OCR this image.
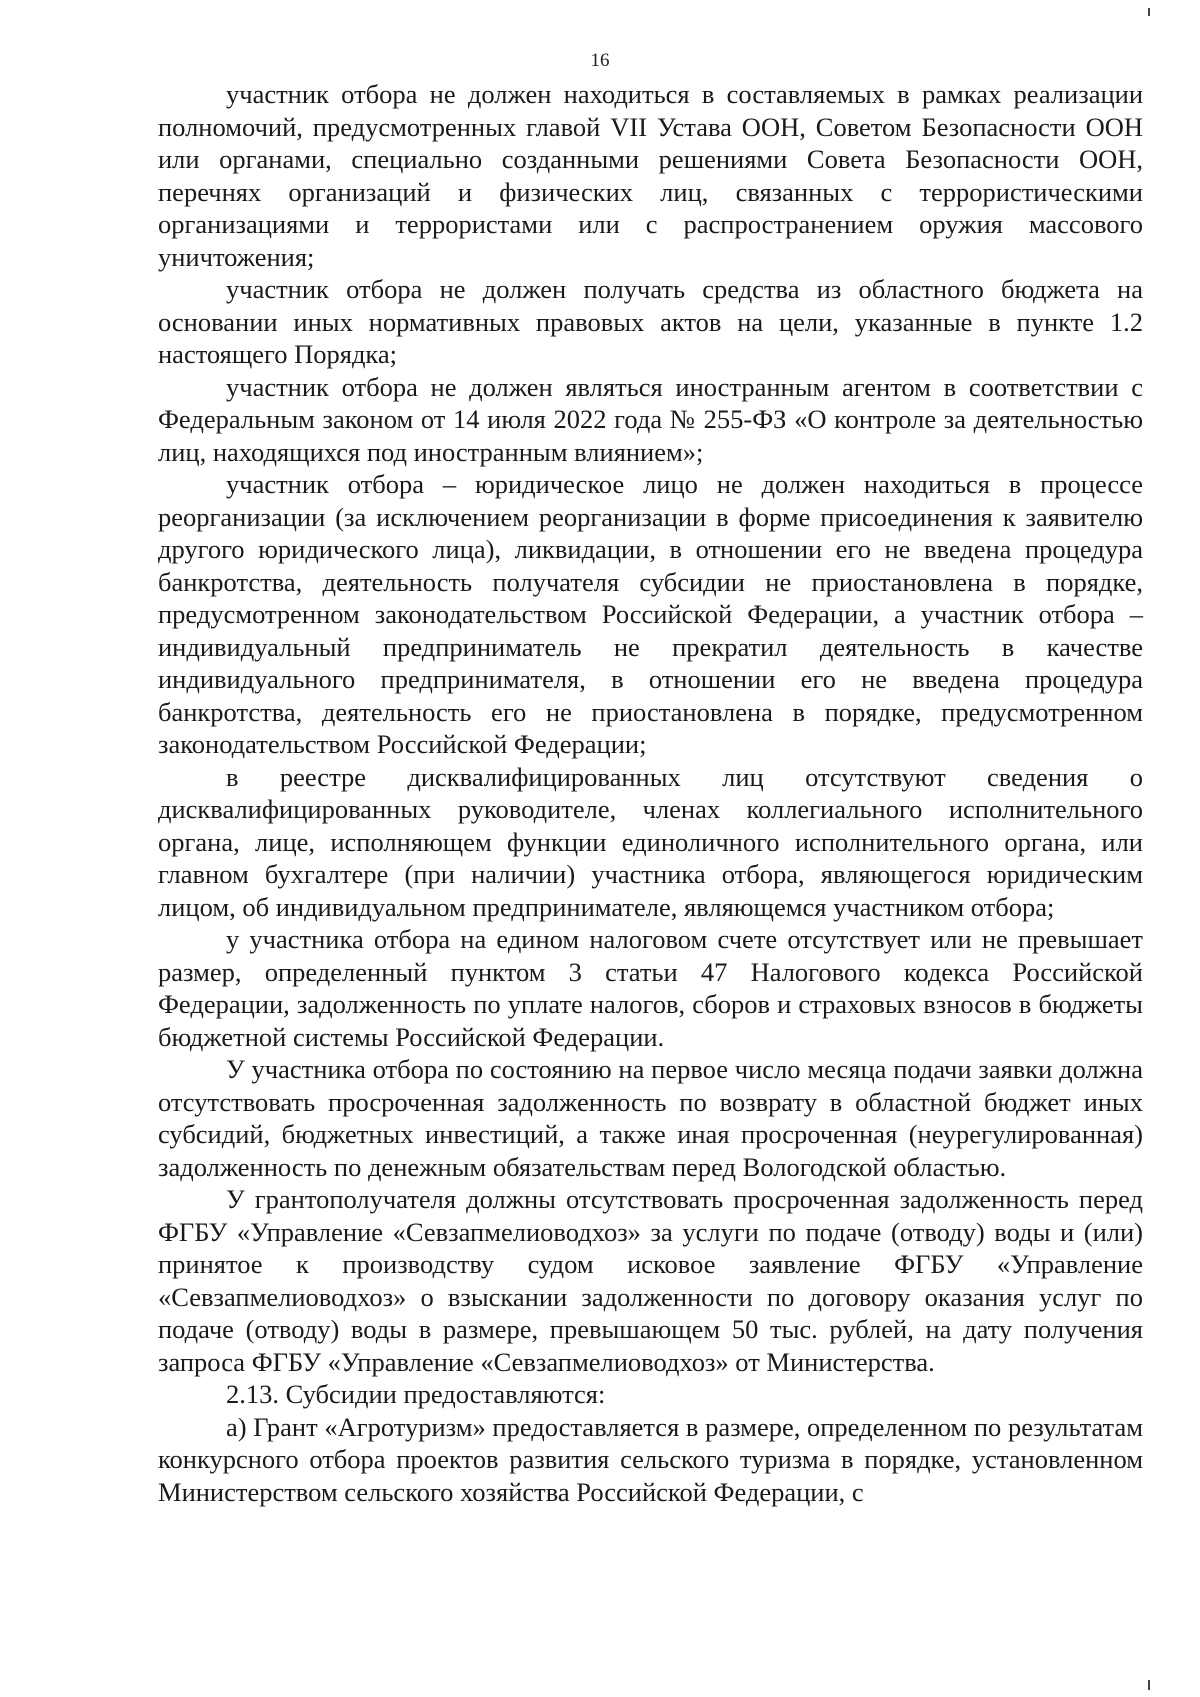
16

участник отбора не должен находиться в составляемых в рамках реализации полномочий, предусмотренных главой VII Устава ООН, Советом Безопасности ООН или органами, специально созданными решениями Совета Безопасности ООН, перечнях организаций и физических лиц, связанных с террористическими организациями и террористами или с распространением оружия массового уничтожения;

участник отбора не должен получать средства из областного бюджета на основании иных нормативных правовых актов на цели, указанные в пункте 1.2 настоящего Порядка;

участник отбора не должен являться иностранным агентом в соответствии с Федеральным законом от 14 июля 2022 года № 255-ФЗ «О контроле за деятельностью лиц, находящихся под иностранным влиянием»;

участник отбора – юридическое лицо не должен находиться в процессе реорганизации (за исключением реорганизации в форме присоединения к заявителю другого юридического лица), ликвидации, в отношении его не введена процедура банкротства, деятельность получателя субсидии не приостановлена в порядке, предусмотренном законодательством Российской Федерации, а участник отбора – индивидуальный предприниматель не прекратил деятельность в качестве индивидуального предпринимателя, в отношении его не введена процедура банкротства, деятельность его не приостановлена в порядке, предусмотренном законодательством Российской Федерации;

в реестре дисквалифицированных лиц отсутствуют сведения о дисквалифицированных руководителе, членах коллегиального исполнительного органа, лице, исполняющем функции единоличного исполнительного органа, или главном бухгалтере (при наличии) участника отбора, являющегося юридическим лицом, об индивидуальном предпринимателе, являющемся участником отбора;

у участника отбора на едином налоговом счете отсутствует или не превышает размер, определенный пунктом 3 статьи 47 Налогового кодекса Российской Федерации, задолженность по уплате налогов, сборов и страховых взносов в бюджеты бюджетной системы Российской Федерации.

У участника отбора по состоянию на первое число месяца подачи заявки должна отсутствовать просроченная задолженность по возврату в областной бюджет иных субсидий, бюджетных инвестиций, а также иная просроченная (неурегулированная) задолженность по денежным обязательствам перед Вологодской областью.

У грантополучателя должны отсутствовать просроченная задолженность перед ФГБУ «Управление «Севзапмелиоводхоз» за услуги по подаче (отводу) воды и (или) принятое к производству судом исковое заявление ФГБУ «Управление «Севзапмелиоводхоз» о взыскании задолженности по договору оказания услуг по подаче (отводу) воды в размере, превышающем 50 тыс. рублей, на дату получения запроса ФГБУ «Управление «Севзапмелиоводхоз» от Министерства.

2.13. Субсидии предоставляются:

а) Грант «Агротуризм» предоставляется в размере, определенном по результатам конкурсного отбора проектов развития сельского туризма в порядке, установленном Министерством сельского хозяйства Российской Федерации, с
